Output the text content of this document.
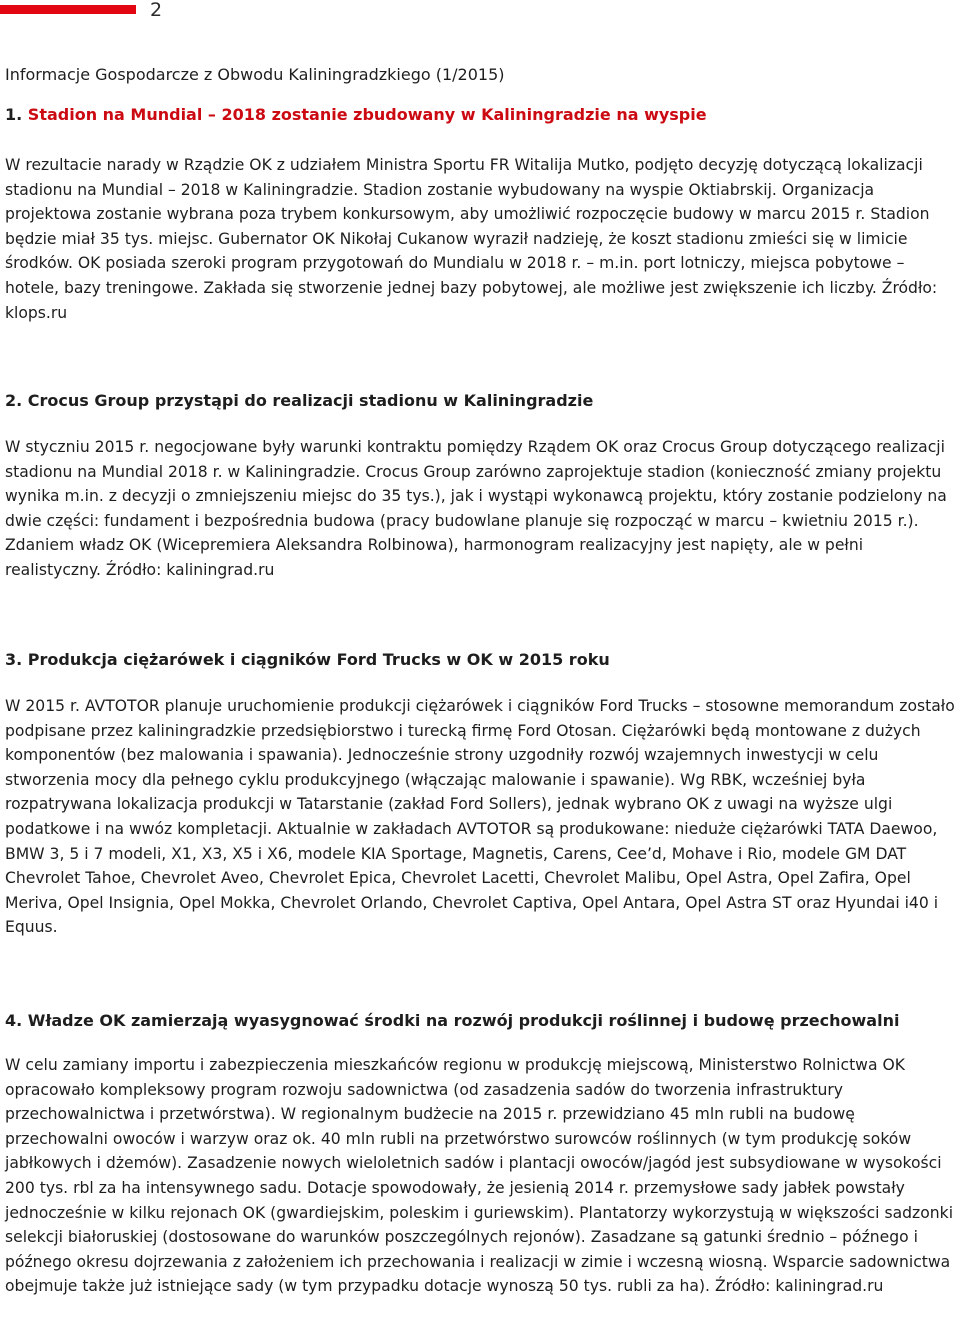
2
Informacje Gospodarcze z Obwodu Kaliningradzkiego (1/2015)
1. Stadion na Mundial – 2018 zostanie zbudowany w Kaliningradzie na wyspie

W rezultacie narady w Rządzie OK z udziałem Ministra Sportu FR Witalija Mutko, podjęto decyzję dotyczącą lokalizacji stadionu na Mundial – 2018 w Kaliningradzie. Stadion zostanie wybudowany na wyspie Oktiabrskij. Organizacja projektowa zostanie wybrana poza trybem konkursowym, aby umożliwić rozpoczęcie budowy w marcu 2015 r. Stadion będzie miał 35 tys. miejsc. Gubernator OK Nikołaj Cukanow wyraził nadzieję, że koszt stadionu zmieści się w limicie środków. OK posiada szeroki program przygotowań do Mundialu w 2018 r. – m.in. port lotniczy, miejsca pobytowe – hotele, bazy treningowe. Zakłada się stworzenie jednej bazy pobytowej, ale możliwe jest zwiększenie ich liczby. Źródło: klops.ru

2. Crocus Group przystąpi do realizacji stadionu w Kaliningradzie

W styczniu 2015 r. negocjowane były warunki kontraktu pomiędzy Rządem OK oraz Crocus Group dotyczącego realizacji stadionu na Mundial 2018 r. w Kaliningradzie. Crocus Group zarówno zaprojektuje stadion (konieczność zmiany projektu wynika m.in. z decyzji o zmniejszeniu miejsc do 35 tys.), jak i wystąpi wykonawcą projektu, który zostanie podzielony na dwie części: fundament i bezpośrednia budowa (pracy budowlane planuje się rozpocząć w marcu – kwietniu 2015 r.). Zdaniem władz OK (Wicepremiera Aleksandra Rolbinowa), harmonogram realizacyjny jest napięty, ale w pełni realistyczny. Źródło: kaliningrad.ru

3. Produkcja ciężarówek i ciągników Ford Trucks w OK w 2015 roku

W 2015 r. AVTOTOR planuje uruchomienie produkcji ciężarówek i ciągników Ford Trucks – stosowne memorandum zostało podpisane przez kaliningradzkie przedsiębiorstwo i turecką firmę Ford Otosan. Ciężarówki będą montowane z dużych komponentów (bez malowania i spawania). Jednocześnie strony uzgodniły rozwój wzajemnych inwestycji w celu stworzenia mocy dla pełnego cyklu produkcyjnego (włączając malowanie i spawanie). Wg RBK, wcześniej była rozpatrywana lokalizacja produkcji w Tatarstanie (zakład Ford Sollers), jednak wybrano OK z uwagi na wyższe ulgi podatkowe i na wwóz kompletacji. Aktualnie w zakładach AVTOTOR są produkowane: nieduże ciężarówki TATA Daewoo, BMW 3, 5 i 7 modeli, X1, X3, X5 i X6, modele KIA Sportage, Magnetis, Carens, Cee’d, Mohave i Rio, modele GM DAT Chevrolet Tahoe, Chevrolet Aveo, Chevrolet Epica, Chevrolet Lacetti, Chevrolet Malibu, Opel Astra, Opel Zafira, Opel Meriva, Opel Insignia, Opel Mokka, Chevrolet Orlando, Chevrolet Captiva, Opel Antara, Opel Astra ST oraz Hyundai i40 i Equus.

4. Władze OK zamierzają wyasygnować środki na rozwój produkcji roślinnej i budowę przechowalni

W celu zamiany importu i zabezpieczenia mieszkańców regionu w produkcję miejscową, Ministerstwo Rolnictwa OK opracowało kompleksowy program rozwoju sadownictwa (od zasadzenia sadów do tworzenia infrastruktury przechowalnictwa i przetwórstwa). W regionalnym budżecie na 2015 r. przewidziano 45 mln rubli na budowę przechowalni owoców i warzyw oraz ok. 40 mln rubli na przetwórstwo surowców roślinnych (w tym produkcję soków jabłkowych i dżemów). Zasadzenie nowych wieloletnich sadów i plantacji owoców/jagód jest subsydiowane w wysokości 200 tys. rbl za ha intensywnego sadu. Dotacje spowodowały, że jesienią 2014 r. przemysłowe sady jabłek powstały jednocześnie w kilku rejonach OK (gwardiejskim, poleskim i guriewskim). Plantatorzy wykorzystują w większości sadzonki selekcji białoruskiej (dostosowane do warunków poszczególnych rejonów). Zasadzane są gatunki średnio – późnego i późnego okresu dojrzewania z założeniem ich przechowania i realizacji w zimie i wczesną wiosną. Wsparcie sadownictwa obejmuje także już istniejące sady (w tym przypadku dotacje wynoszą 50 tys. rubli za ha). Źródło: kaliningrad.ru
